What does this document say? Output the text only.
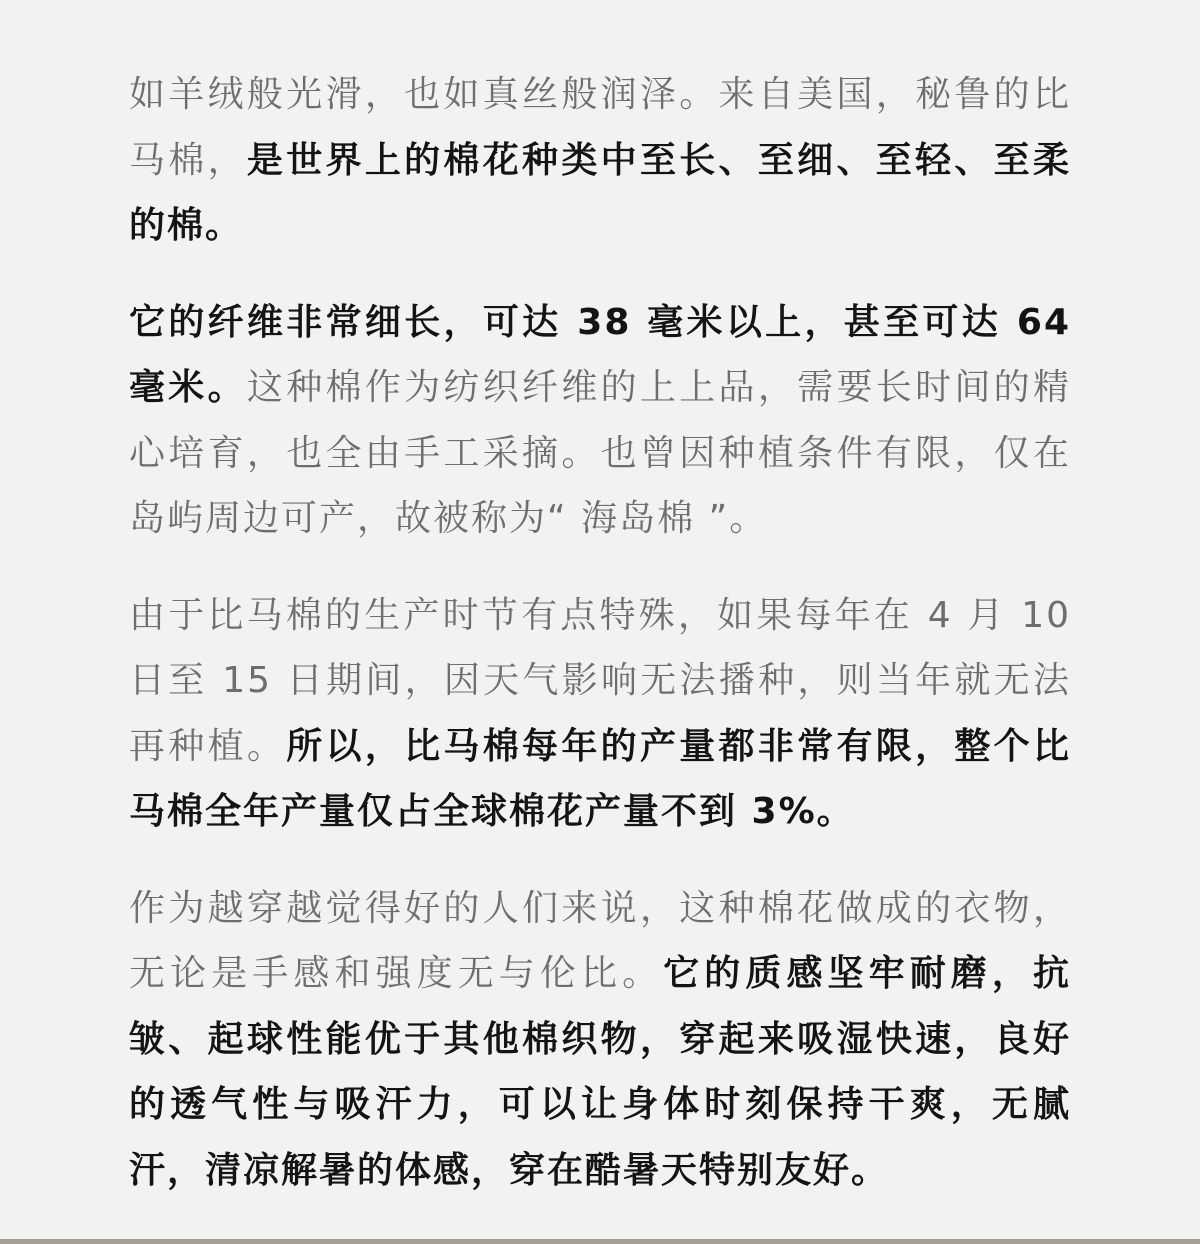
如羊绒般光滑，也如真丝般润泽。来自美国，秘鲁的比马棉，是世界上的棉花种类中至长、至细、至轻、至柔的棉。

它的纤维非常细长，可达 38 毫米以上，甚至可达 64 毫米。这种棉作为纺织纤维的上上品，需要长时间的精心培育，也全由手工采摘。也曾因种植条件有限，仅在岛屿周边可产，故被称为“ 海岛棉 ”。

由于比马棉的生产时节有点特殊，如果每年在 4 月 10 日至 15 日期间，因天气影响无法播种，则当年就无法再种植。所以，比马棉每年的产量都非常有限，整个比马棉全年产量仅占全球棉花产量不到 3%。

作为越穿越觉得好的人们来说，这种棉花做成的衣物，无论是手感和强度无与伦比。它的质感坚牢耐磨，抗皱、起球性能优于其他棉织物，穿起来吸湿快速，良好的透气性与吸汗力，可以让身体时刻保持干爽，无腻汗，清凉解暑的体感，穿在酷暑天特别友好。
